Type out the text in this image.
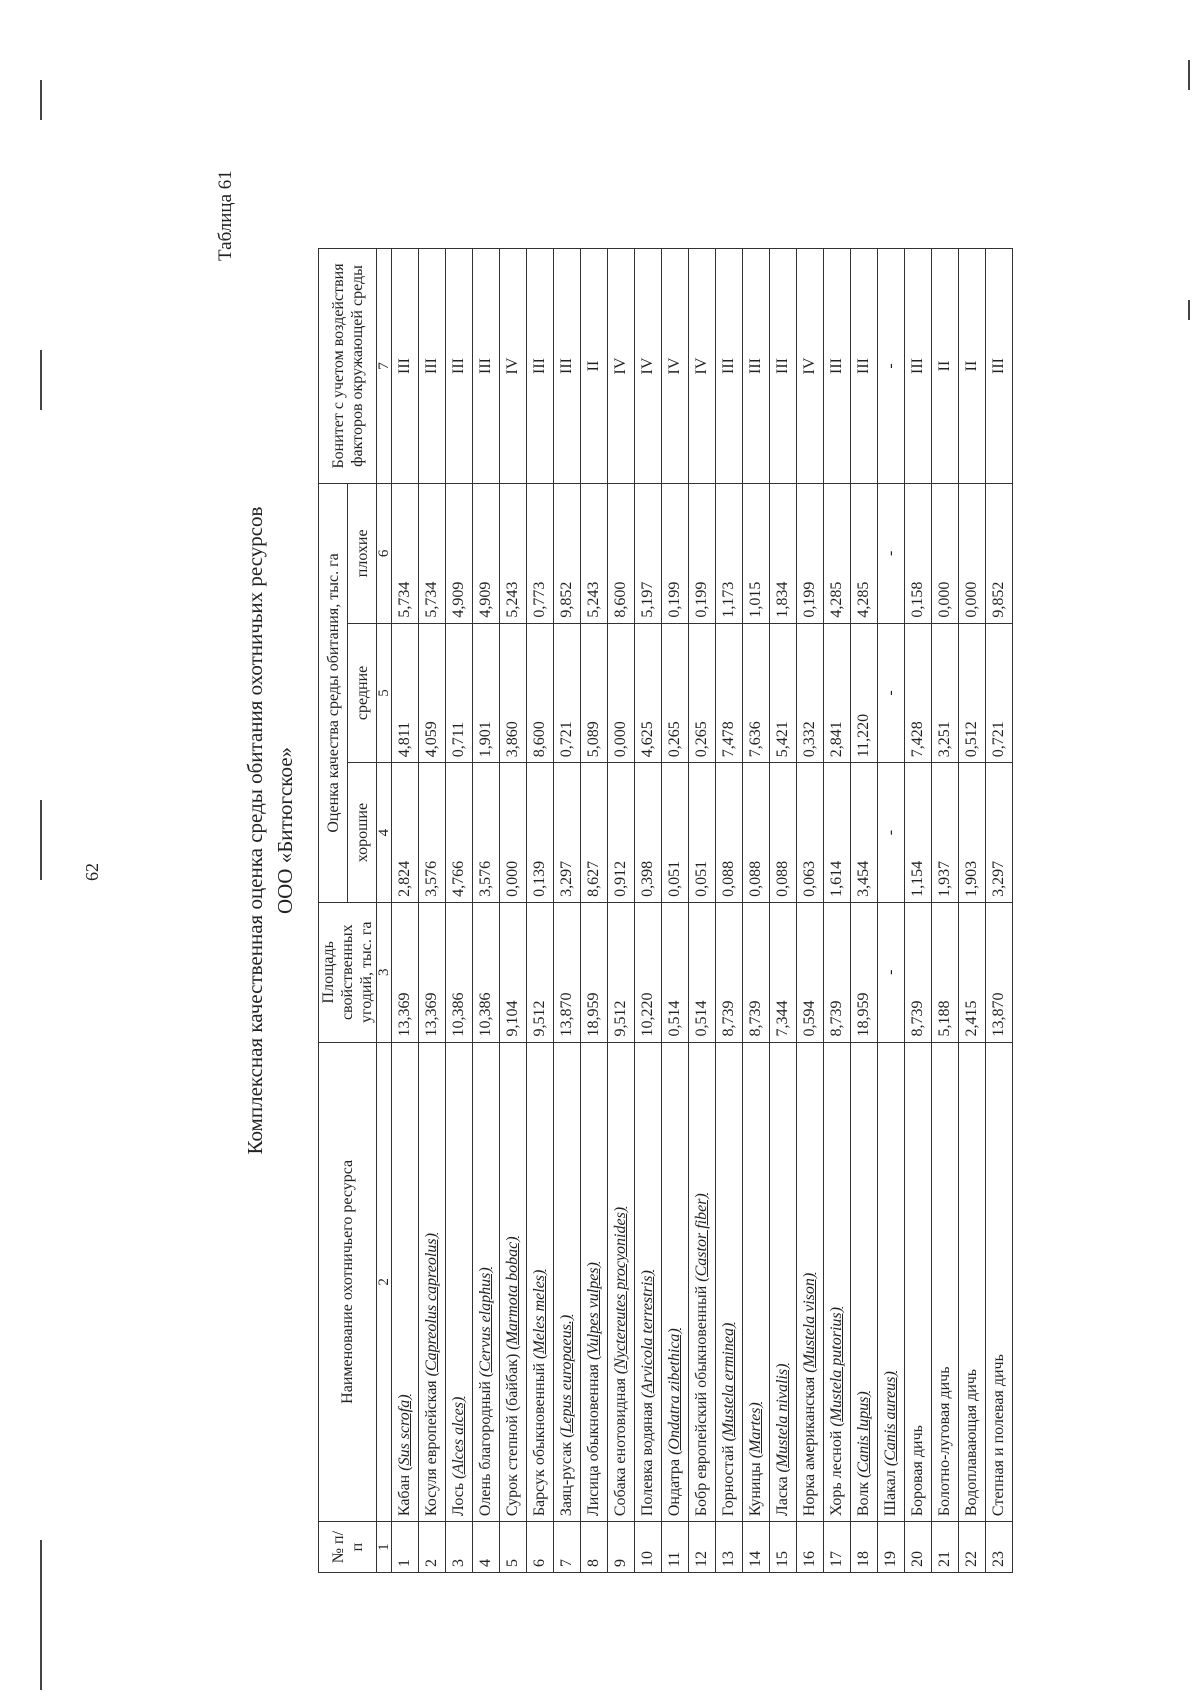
62
Таблица 61
Комплексная качественная оценка среды обитания охотничьих ресурсов ООО «Битюгское»
№ п/п	Наименование охотничьего ресурса	Площадь свойственных угодий, тыс. га	Оценка качества среды обитания, тыс. га			Бонитет с учетом воздействия факторов окружающей среды
			хорошие	средние	плохие	
1	2	3	4	5	6	7
1	Кабан (Sus scrofa)	13,369	2,824	4,811	5,734	III
2	Косуля европейская (Capreolus capreolus)	13,369	3,576	4,059	5,734	III
3	Лось (Alces alces)	10,386	4,766	0,711	4,909	III
4	Олень благородный (Cervus elaphus)	10,386	3,576	1,901	4,909	III
5	Сурок степной (байбак) (Marmota bobac)	9,104	0,000	3,860	5,243	IV
6	Барсук обыкновенный (Meles meles)	9,512	0,139	8,600	0,773	III
7	Заяц-русак (Lepus europaeus.)	13,870	3,297	0,721	9,852	III
8	Лисица обыкновенная (Vulpes vulpes)	18,959	8,627	5,089	5,243	II
9	Собака енотовидная (Nyctereutes procyonides)	9,512	0,912	0,000	8,600	IV
10	Полевка водяная (Arvicola terrestris)	10,220	0,398	4,625	5,197	IV
11	Ондатра (Ondatra zibethica)	0,514	0,051	0,265	0,199	IV
12	Бобр европейский обыкновенный (Castor fiber)	0,514	0,051	0,265	0,199	IV
13	Горностай (Mustela erminea)	8,739	0,088	7,478	1,173	III
14	Куницы (Martes)	8,739	0,088	7,636	1,015	III
15	Ласка (Mustela nivalis)	7,344	0,088	5,421	1,834	III
16	Норка американская (Mustela vison)	0,594	0,063	0,332	0,199	IV
17	Хорь лесной (Mustela putorius)	8,739	1,614	2,841	4,285	III
18	Волк (Canis lupus)	18,959	3,454	11,220	4,285	III
19	Шакал (Canis aureus)	-	-	-	-	-
20	Боровая дичь	8,739	1,154	7,428	0,158	III
21	Болотно-луговая дичь	5,188	1,937	3,251	0,000	II
22	Водоплавающая дичь	2,415	1,903	0,512	0,000	II
23	Степная и полевая дичь	13,870	3,297	0,721	9,852	III
